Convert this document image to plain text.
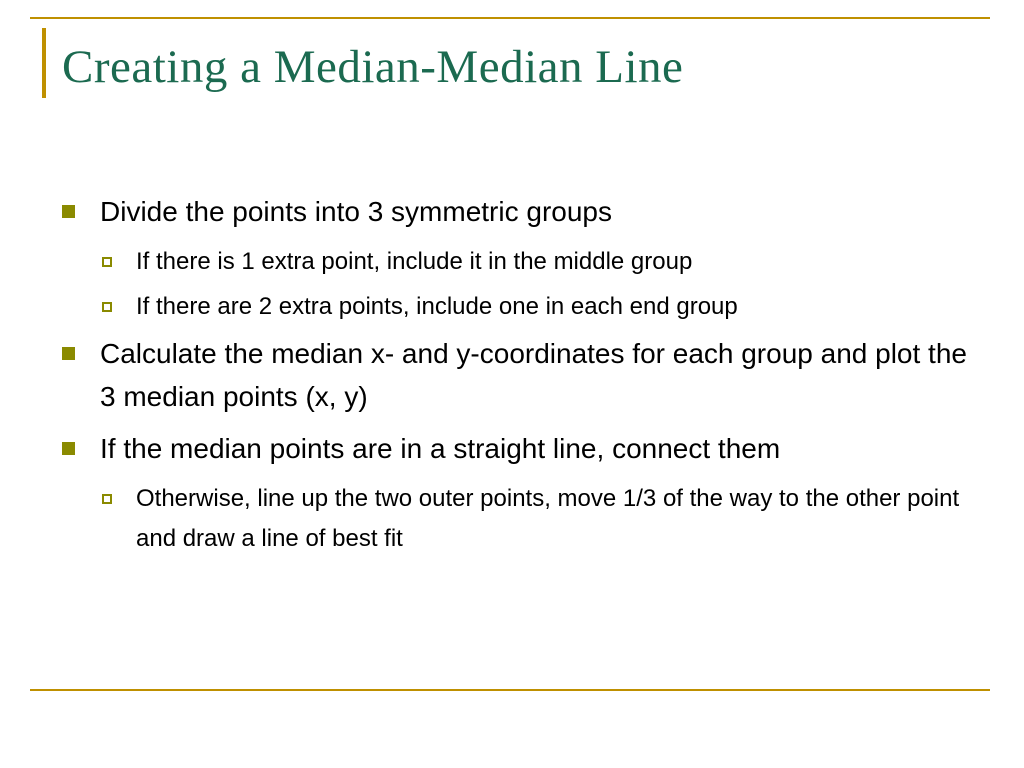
Creating a Median-Median Line
Divide the points into 3 symmetric groups
If there is 1 extra point, include it in the middle group
If there are 2 extra points, include one in each end group
Calculate the median x- and y-coordinates for each group and plot the 3 median points (x, y)
If the median points are in a straight line, connect them
Otherwise, line up the two outer points, move 1/3 of the way to the other point and draw a line of best fit
